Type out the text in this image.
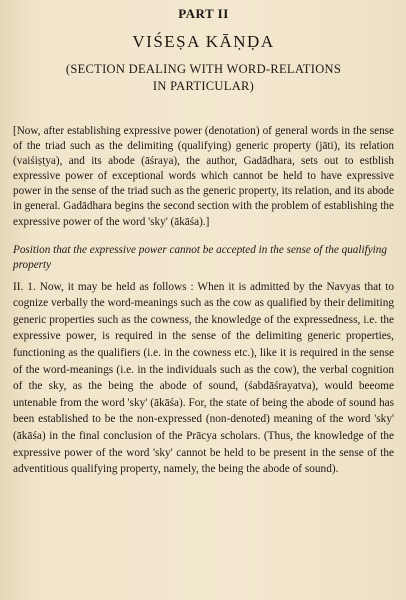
PART II
VIŚEṢA KĀṆḌA
(SECTION DEALING WITH WORD-RELATIONS
IN PARTICULAR)
[Now, after establishing expressive power (denotation) of general words in the sense of the triad such as the delimiting (qualifying) generic property (jāti), its relation (vaiśiṣṭya), and its abode (āśraya), the author, Gadādhara, sets out to estblish expressive power of exceptional words which cannot be held to have expressive power in the sense of the triad such as the generic property, its relation, and its abode in general. Gadādhara begins the second section with the problem of establishing the expressive power of the word 'sky' (ākāśa).]
Position that the expressive power cannot be accepted in the sense of the qualifying property
II. 1. Now, it may be held as follows : When it is admitted by the Navyas that to cognize verbally the word-meanings such as the cow as qualified by their delimiting generic properties such as the cowness, the knowledge of the expressedness, i.e. the expressive power, is required in the sense of the delimiting generic properties, functioning as the qualifiers (i.e. in the cowness etc.), like it is required in the sense of the word-meanings (i.e. in the individuals such as the cow), the verbal cognition of the sky, as the being the abode of sound, (śabdāśrayatva), would beeome untenable from the word 'sky' (ākāśa). For, the state of being the abode of sound has been established to be the non-expressed (non-denoted) meaning of the word 'sky' (ākāśa) in the final conclusion of the Prācya scholars. (Thus, the knowledge of the expressive power of the word 'sky' cannot be held to be present in the sense of the adventitious qualifying property, namely, the being the abode of sound).
